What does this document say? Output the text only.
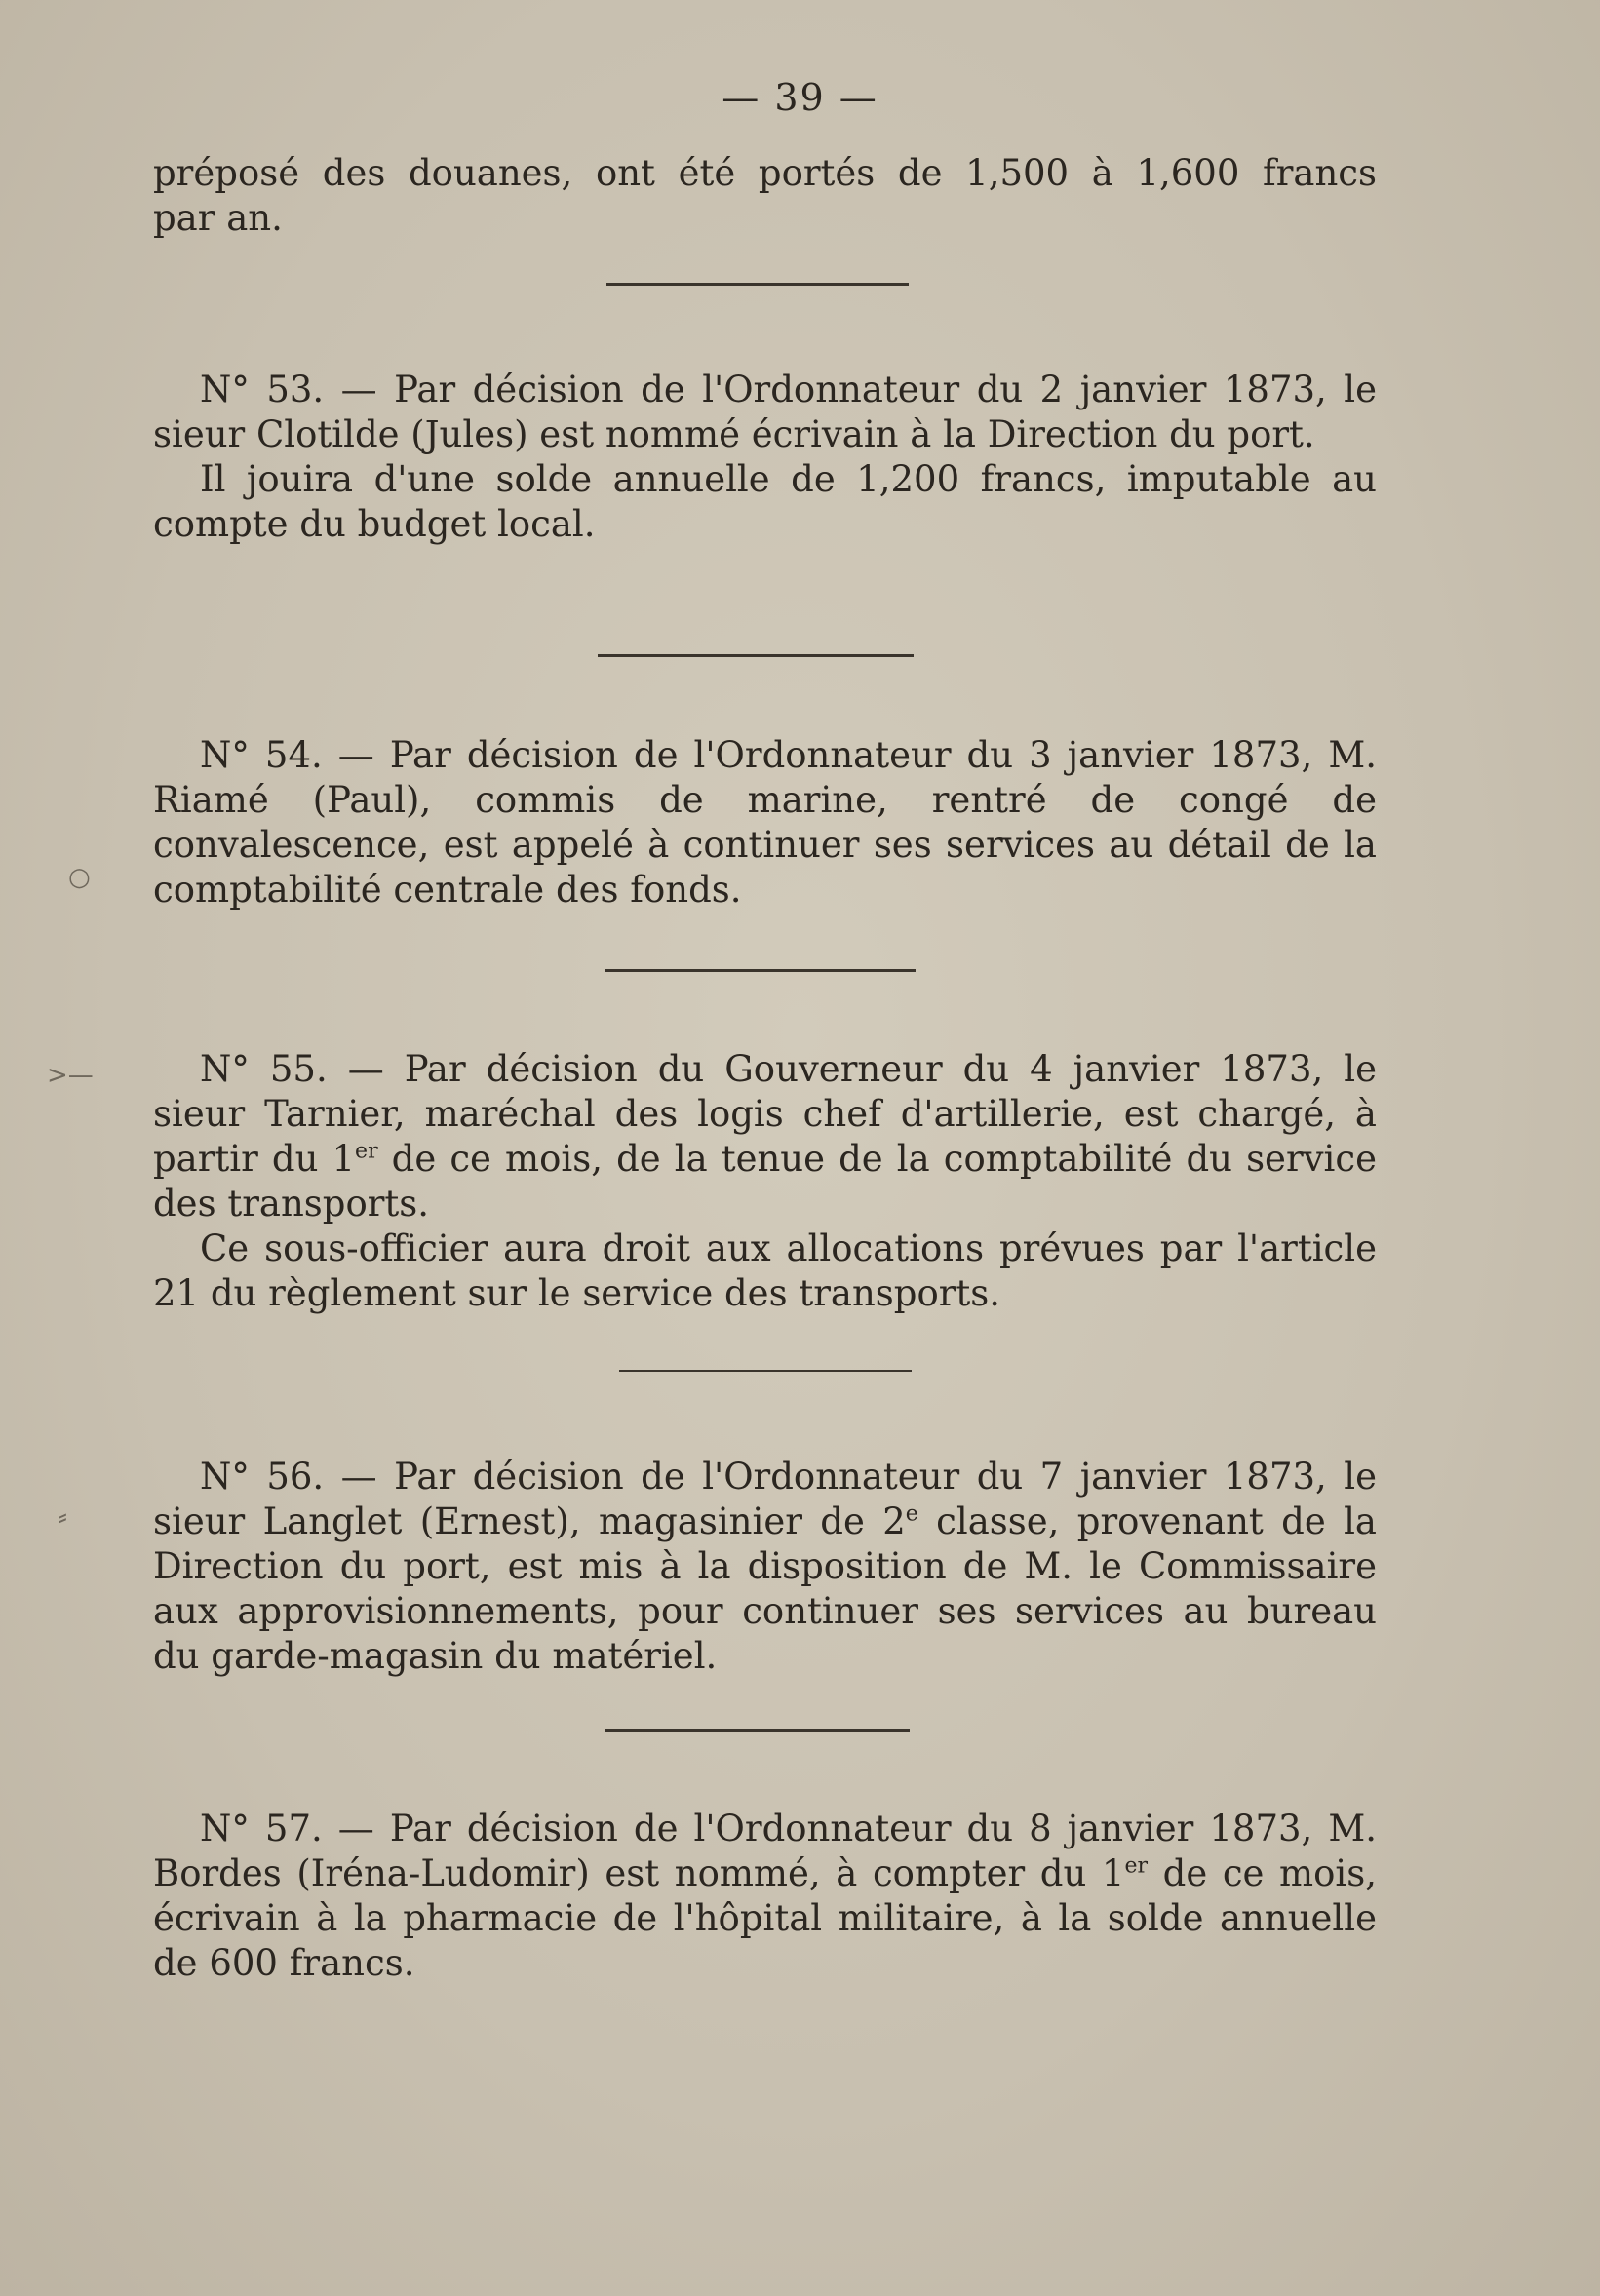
— 39 —

préposé des douanes, ont été portés de 1,500 à 1,600 francs

par an.

N° 53. — Par décision de l'Ordonnateur du 2 janvier 1873, le sieur Clotilde (Jules) est nommé écrivain à la Direction du port.

Il jouira d'une solde annuelle de 1,200 francs, imputable au compte du budget local.

N° 54. — Par décision de l'Ordonnateur du 3 janvier 1873, M. Riamé (Paul), commis de marine, rentré de congé de convalescence, est appelé à continuer ses services au détail de la comptabilité centrale des fonds.

N° 55. — Par décision du Gouverneur du 4 janvier 1873, le sieur Tarnier, maréchal des logis chef d'artillerie, est chargé, à partir du 1er de ce mois, de la tenue de la comptabilité du service des transports.

Ce sous-officier aura droit aux allocations prévues par l'article 21 du règlement sur le service des transports.

N° 56. — Par décision de l'Ordonnateur du 7 janvier 1873, le sieur Langlet (Ernest), magasinier de 2e classe, provenant de la Direction du port, est mis à la disposition de M. le Commissaire aux approvisionnements, pour continuer ses services au bureau du garde-magasin du matériel.

N° 57. — Par décision de l'Ordonnateur du 8 janvier 1873, M. Bordes (Iréna-Ludomir) est nommé, à compter du 1er de ce mois, écrivain à la pharmacie de l'hôpital militaire, à la solde annuelle de 600 francs.

○
>—
⸗
